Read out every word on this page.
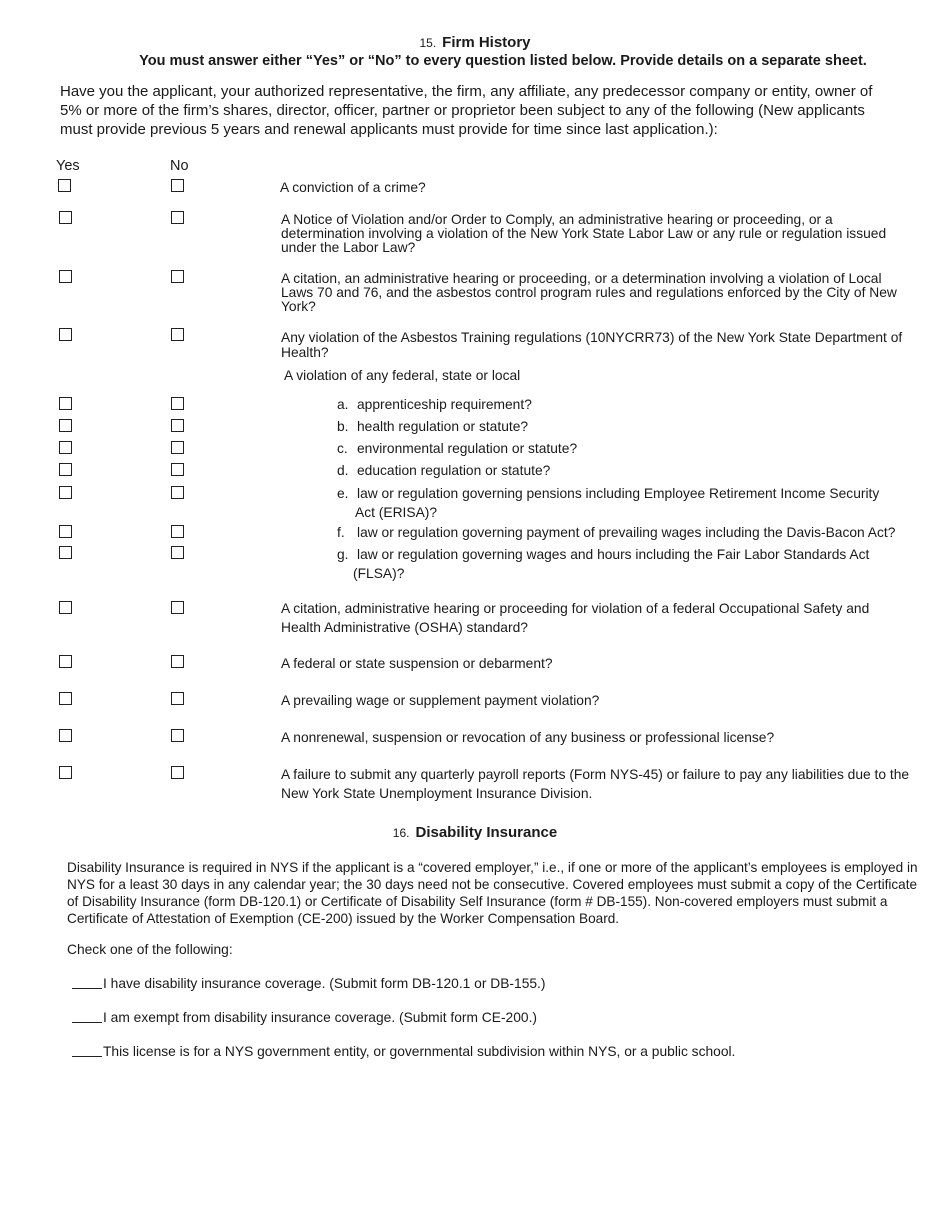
15. Firm History
You must answer either “Yes” or “No” to every question listed below. Provide details on a separate sheet.
Have you the applicant, your authorized representative, the firm, any affiliate, any predecessor company or entity, owner of 5% or more of the firm’s shares, director, officer, partner or proprietor been subject to any of the following (New applicants must provide previous 5 years and renewal applicants must provide for time since last application.):
Yes	No
A conviction of a crime?
A Notice of Violation and/or Order to Comply, an administrative hearing or proceeding, or a determination involving a violation of the New York State Labor Law or any rule or regulation issued under the Labor Law?
A citation, an administrative hearing or proceeding, or a determination involving a violation of Local Laws 70 and 76, and the asbestos control program rules and regulations enforced by the City of New York?
Any violation of the Asbestos Training regulations (10NYCRR73) of the New York State Department of Health?
A violation of any federal, state or local
a. apprenticeship requirement?
b. health regulation or statute?
c. environmental regulation or statute?
d. education regulation or statute?
e. law or regulation governing pensions including Employee Retirement Income Security
Act (ERISA)?
f. law or regulation governing payment of prevailing wages including the Davis-Bacon Act?
g. law or regulation governing wages and hours including the Fair Labor Standards Act
(FLSA)?
A citation, administrative hearing or proceeding for violation of a federal Occupational Safety and Health Administrative (OSHA) standard?
A federal or state suspension or debarment?
A prevailing wage or supplement payment violation?
A nonrenewal, suspension or revocation of any business or professional license?
A failure to submit any quarterly payroll reports (Form NYS-45) or failure to pay any liabilities due to the New York State Unemployment Insurance Division.
16. Disability Insurance
Disability Insurance is required in NYS if the applicant is a “covered employer,” i.e., if one or more of the applicant’s employees is employed in NYS for a least 30 days in any calendar year; the 30 days need not be consecutive. Covered employees must submit a copy of the Certificate of Disability Insurance (form DB-120.1) or Certificate of Disability Self Insurance (form # DB-155). Non-covered employers must submit a Certificate of Attestation of Exemption (CE-200) issued by the Worker Compensation Board.
Check one of the following:
I have disability insurance coverage. (Submit form DB-120.1 or DB-155.)
I am exempt from disability insurance coverage. (Submit form CE-200.)
This license is for a NYS government entity, or governmental subdivision within NYS, or a public school.
